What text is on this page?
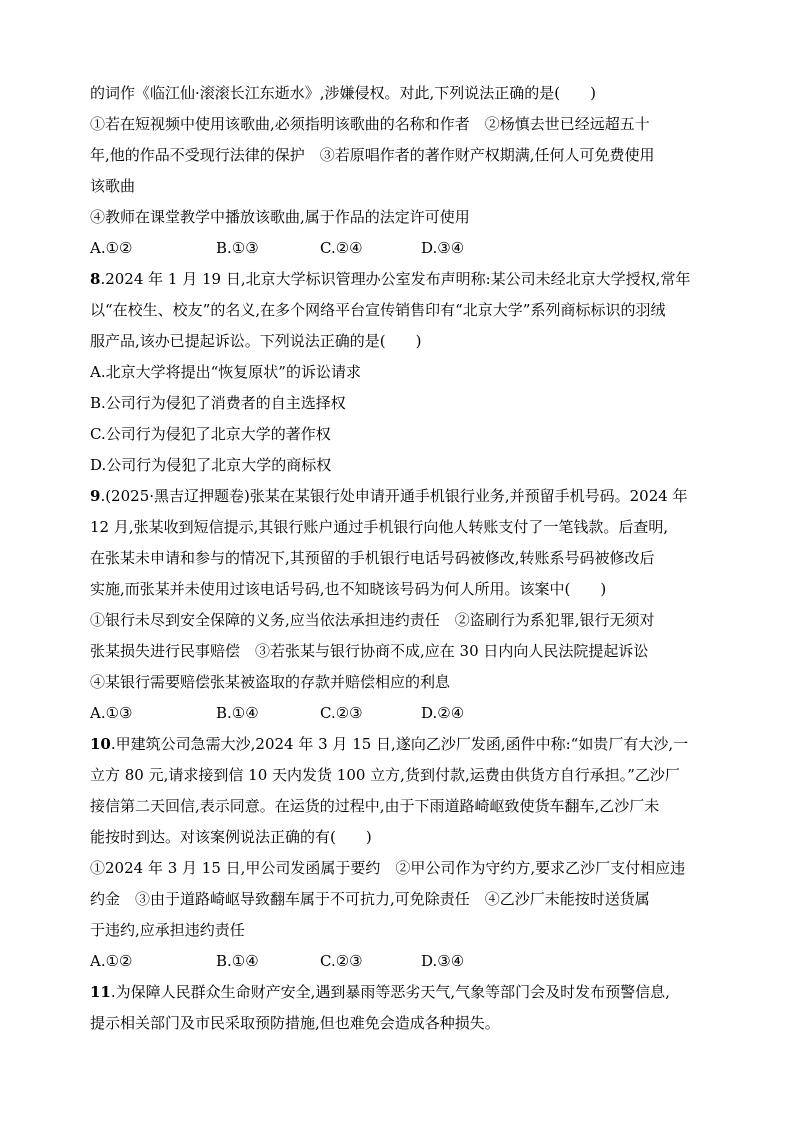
的词作《临江仙·滚滚长江东逝水》,涉嫌侵权。对此,下列说法正确的是(　　)
①若在短视频中使用该歌曲,必须指明该歌曲的名称和作者　②杨慎去世已经远超五十
年,他的作品不受现行法律的保护　③若原唱作者的著作财产权期满,任何人可免费使用
该歌曲
④教师在课堂教学中播放该歌曲,属于作品的法定许可使用
A.①②	B.①③	C.②④	D.③④
8.2024 年 1 月 19 日,北京大学标识管理办公室发布声明称:某公司未经北京大学授权,常年
以“在校生、校友”的名义,在多个网络平台宣传销售印有“北京大学”系列商标标识的羽绒
服产品,该办已提起诉讼。下列说法正确的是(　　)
A.北京大学将提出“恢复原状”的诉讼请求
B.公司行为侵犯了消费者的自主选择权
C.公司行为侵犯了北京大学的著作权
D.公司行为侵犯了北京大学的商标权
9.(2025·黑吉辽押题卷)张某在某银行处申请开通手机银行业务,并预留手机号码。2024 年
12 月,张某收到短信提示,其银行账户通过手机银行向他人转账支付了一笔钱款。后查明,
在张某未申请和参与的情况下,其预留的手机银行电话号码被修改,转账系号码被修改后
实施,而张某并未使用过该电话号码,也不知晓该号码为何人所用。该案中(　　)
①银行未尽到安全保障的义务,应当依法承担违约责任　②盗刷行为系犯罪,银行无须对
张某损失进行民事赔偿　③若张某与银行协商不成,应在 30 日内向人民法院提起诉讼
④某银行需要赔偿张某被盗取的存款并赔偿相应的利息
A.①③	B.①④	C.②③	D.②④
10.甲建筑公司急需大沙,2024 年 3 月 15 日,遂向乙沙厂发函,函件中称:“如贵厂有大沙,一
立方 80 元,请求接到信 10 天内发货 100 立方,货到付款,运费由供货方自行承担。”乙沙厂
接信第二天回信,表示同意。在运货的过程中,由于下雨道路崎岖致使货车翻车,乙沙厂未
能按时到达。对该案例说法正确的有(　　)
①2024 年 3 月 15 日,甲公司发函属于要约　②甲公司作为守约方,要求乙沙厂支付相应违
约金　③由于道路崎岖导致翻车属于不可抗力,可免除责任　④乙沙厂未能按时送货属
于违约,应承担违约责任
A.①②	B.①④	C.②③	D.③④
11.为保障人民群众生命财产安全,遇到暴雨等恶劣天气,气象等部门会及时发布预警信息,
提示相关部门及市民采取预防措施,但也难免会造成各种损失。
